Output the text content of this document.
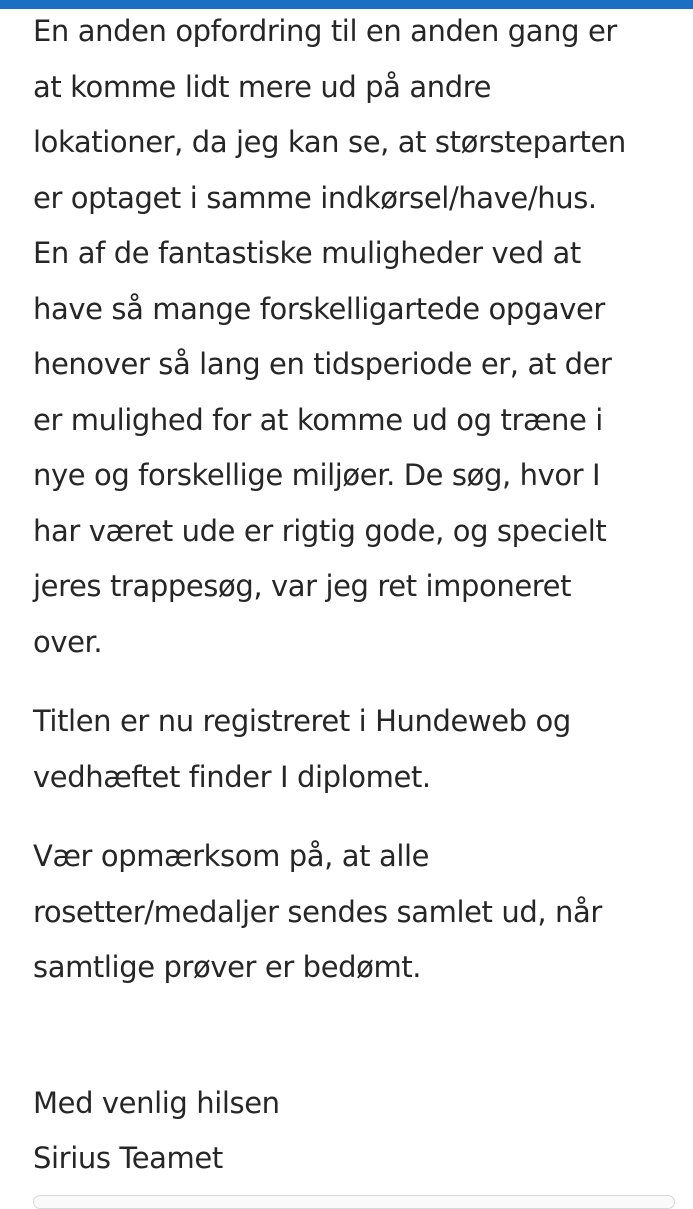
En anden opfordring til en anden gang er
at komme lidt mere ud på andre
lokationer, da jeg kan se, at størsteparten
er optaget i samme indkørsel/have/hus.
En af de fantastiske muligheder ved at
have så mange forskelligartede opgaver
henover så lang en tidsperiode er, at der
er mulighed for at komme ud og træne i
nye og forskellige miljøer. De søg, hvor I
har været ude er rigtig gode, og specielt
jeres trappesøg, var jeg ret imponeret
over.

Titlen er nu registreret i Hundeweb og
vedhæftet finder I diplomet.

Vær opmærksom på, at alle
rosetter/medaljer sendes samlet ud, når
samtlige prøver er bedømt.

Med venlig hilsen
Sirius Teamet
